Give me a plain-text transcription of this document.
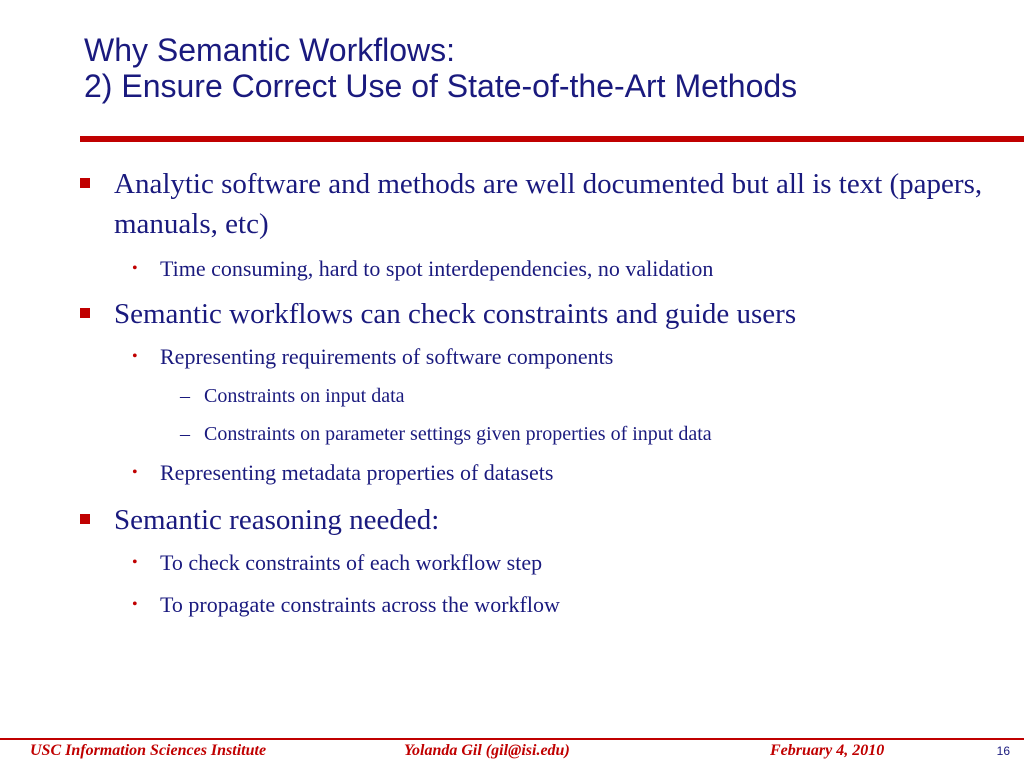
Why Semantic Workflows:
2) Ensure Correct Use of State-of-the-Art Methods
Analytic software and methods are well documented but all is text (papers, manuals, etc)
• Time consuming, hard to spot interdependencies, no validation
Semantic workflows can check constraints and guide users
• Representing requirements of software components
– Constraints on input data
– Constraints on parameter settings given properties of input data
• Representing metadata properties of datasets
Semantic reasoning needed:
• To check constraints of each workflow step
• To propagate constraints across the workflow
USC Information Sciences Institute	Yolanda Gil (gil@isi.edu)	February 4, 2010	16
